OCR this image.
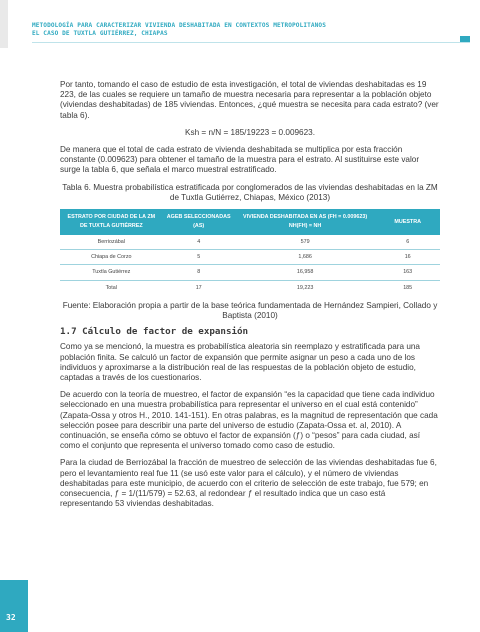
METODOLOGÍA PARA CARACTERIZAR VIVIENDA DESHABITADA EN CONTEXTOS METROPOLITANOS
EL CASO DE TUXTLA GUTIÉRREZ, CHIAPAS

Por tanto, tomando el caso de estudio de esta investigación, el total de viviendas deshabitadas es 19 223, de las cuales se requiere un tamaño de muestra necesaria para representar a la población objeto (viviendas deshabitadas) de 185 viviendas. Entonces, ¿qué muestra se necesita para cada estrato? (ver tabla 6).

Ksh = n/N = 185/19223 = 0.009623.

De manera que el total de cada estrato de vivienda deshabitada se multiplica por esta fracción constante (0.009623) para obtener el tamaño de la muestra para el estrato. Al sustituirse este valor surge la tabla 6, que señala el marco muestral estratificado.

Tabla 6. Muestra probabilística estratificada por conglomerados de las viviendas deshabitadas en la ZM de Tuxtla Gutiérrez, Chiapas, México (2013)
ESTRATO POR CIUDAD DE LA ZM DE TUXTLA GUTIÉRREZ	AGEB SELECCIONADAS (AS)	VIVIENDA DESHABITADA EN AS (FH = 0.009623) NH(FH) = NH	MUESTRA
Berriozábal	4	579	6
Chiapa de Corzo	5	1,686	16
Tuxtla Gutiérrez	8	16,958	163
Total	17	19,223	185
Fuente: Elaboración propia a partir de la base teórica fundamentada de Hernández Sampieri, Collado y Baptista (2010)
1.7 Cálculo de factor de expansión

Como ya se mencionó, la muestra es probabilística aleatoria sin reemplazo y estratificada para una población finita. Se calculó un factor de expansión que permite asignar un peso a cada uno de los individuos y aproximarse a la distribución real de las respuestas de la población objeto de estudio, captadas a través de los cuestionarios.

De acuerdo con la teoría de muestreo, el factor de expansión “es la capacidad que tiene cada individuo seleccionado en una muestra probabilística para representar el universo en el cual está contenido” (Zapata-Ossa y otros H., 2010. 141-151). En otras palabras, es la magnitud de representación que cada selección posee para describir una parte del universo de estudio (Zapata-Ossa et. al, 2010). A continuación, se enseña cómo se obtuvo el factor de expansión (ƒ) o “pesos” para cada ciudad, así como el conjunto que representa el universo tomado como caso de estudio.

Para la ciudad de Berriozábal la fracción de muestreo de selección de las viviendas deshabitadas fue 6, pero el levantamiento real fue 11 (se usó este valor para el cálculo), y el número de viviendas deshabitadas para este municipio, de acuerdo con el criterio de selección de este trabajo, fue 579; en consecuencia, ƒ = 1/(11/579) = 52.63, al redondear ƒ el resultado indica que un caso está representando 53 viviendas deshabitadas.

32
